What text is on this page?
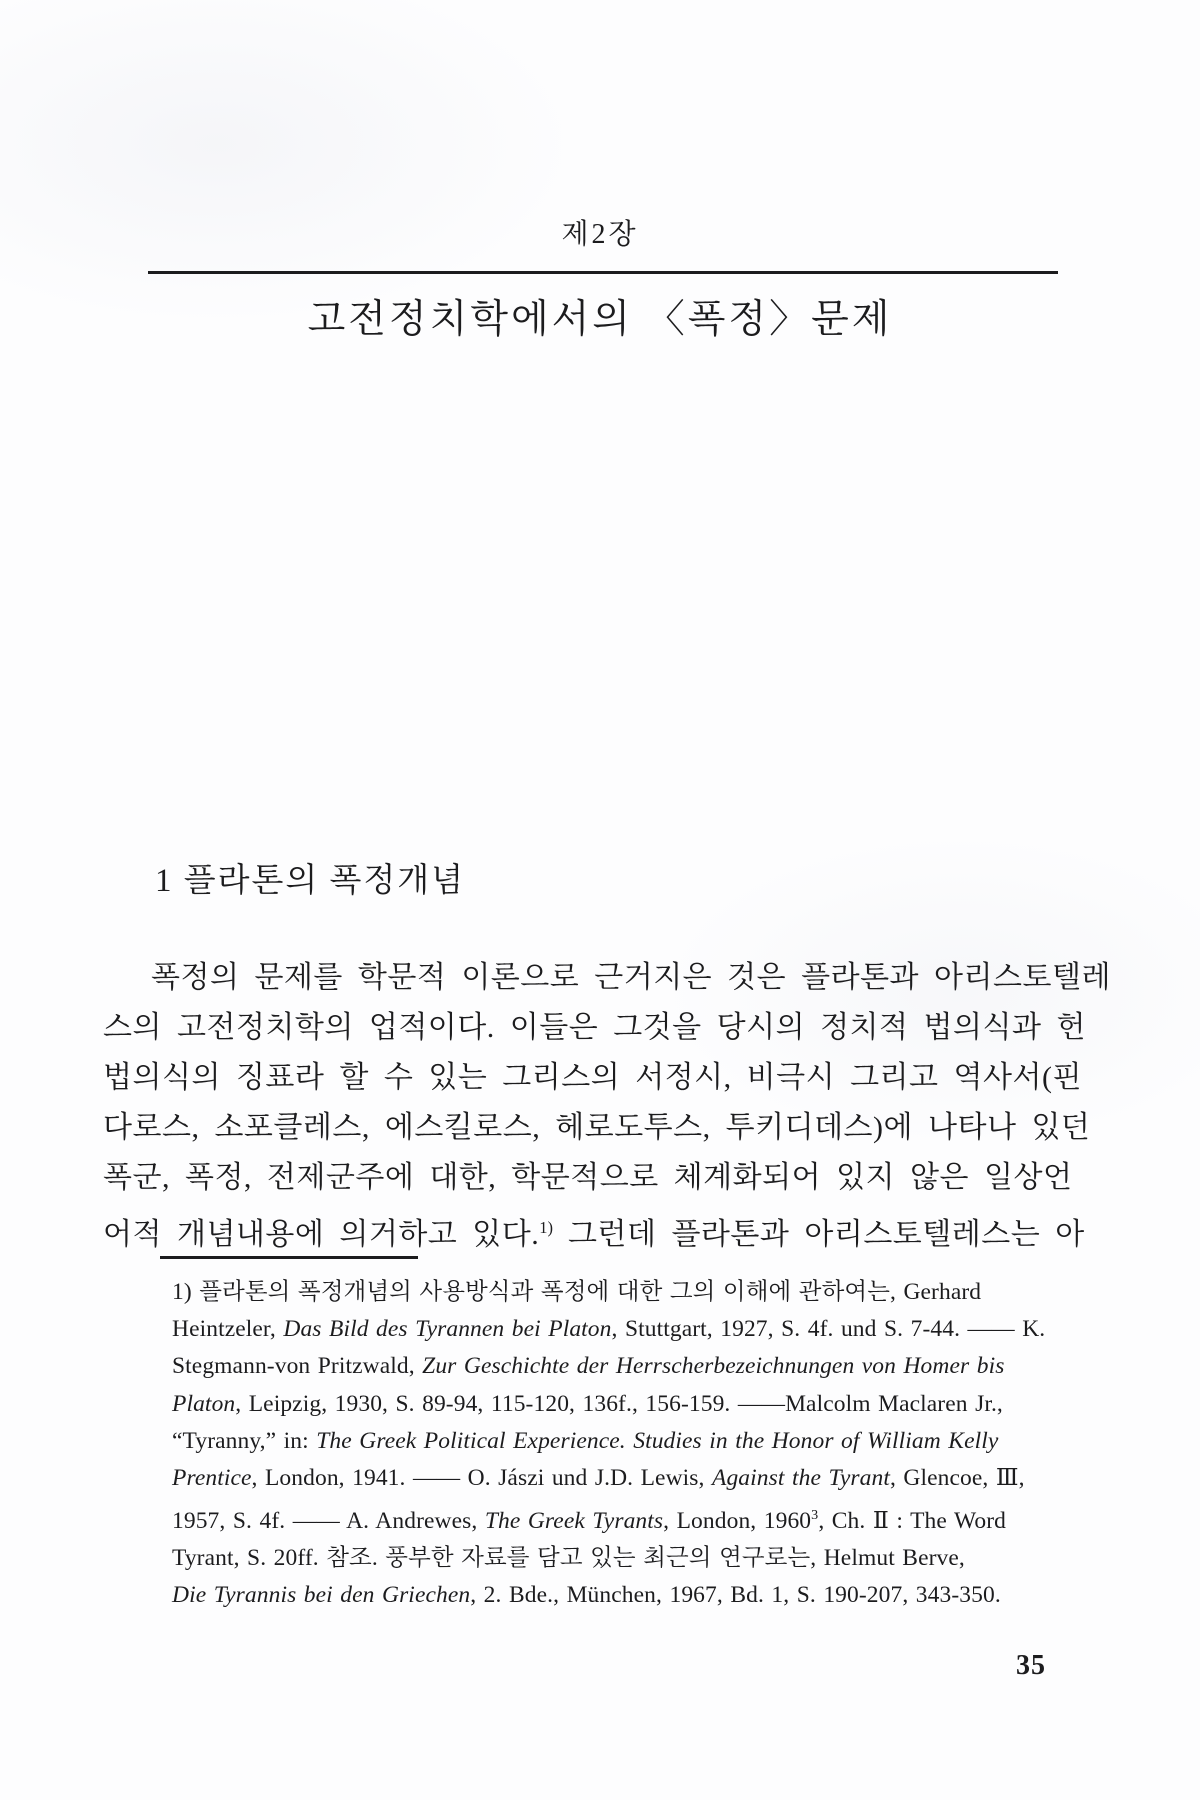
제2장
고전정치학에서의 〈폭정〉문제
1 플라톤의 폭정개념
폭정의 문제를 학문적 이론으로 근거지은 것은 플라톤과 아리스토텔레
스의 고전정치학의 업적이다. 이들은 그것을 당시의 정치적 법의식과 헌
법의식의 징표라 할 수 있는 그리스의 서정시, 비극시 그리고 역사서(핀
다로스, 소포클레스, 에스킬로스, 헤로도투스, 투키디데스)에 나타나 있던
폭군, 폭정, 전제군주에 대한, 학문적으로 체계화되어 있지 않은 일상언
어적 개념내용에 의거하고 있다.$^{1)}$ 그런데 플라톤과 아리스토텔레스는 아
1) 플라톤의 폭정개념의 사용방식과 폭정에 대한 그의 이해에 관하여는, Gerhard
Heintzeler, Das Bild des Tyrannen bei Platon, Stuttgart, 1927, S. 4f. und S. 7-44. —— K.
Stegmann-von Pritzwald, Zur Geschichte der Herrscherbezeichnungen von Homer bis
Platon, Leipzig, 1930, S. 89-94, 115-120, 136f., 156-159. ——Malcolm Maclaren Jr.,
“Tyranny,” in: The Greek Political Experience. Studies in the Honor of William Kelly
Prentice, London, 1941. —— O. Jászi und J.D. Lewis, Against the Tyrant, Glencoe, Ⅲ,
1957, S. 4f. —— A. Andrewes, The Greek Tyrants, London, 1960$^3$, Ch. Ⅱ : The Word
Tyrant, S. 20ff. 참조. 풍부한 자료를 담고 있는 최근의 연구로는, Helmut Berve,
Die Tyrannis bei den Griechen, 2. Bde., München, 1967, Bd. 1, S. 190-207, 343-350.
35
